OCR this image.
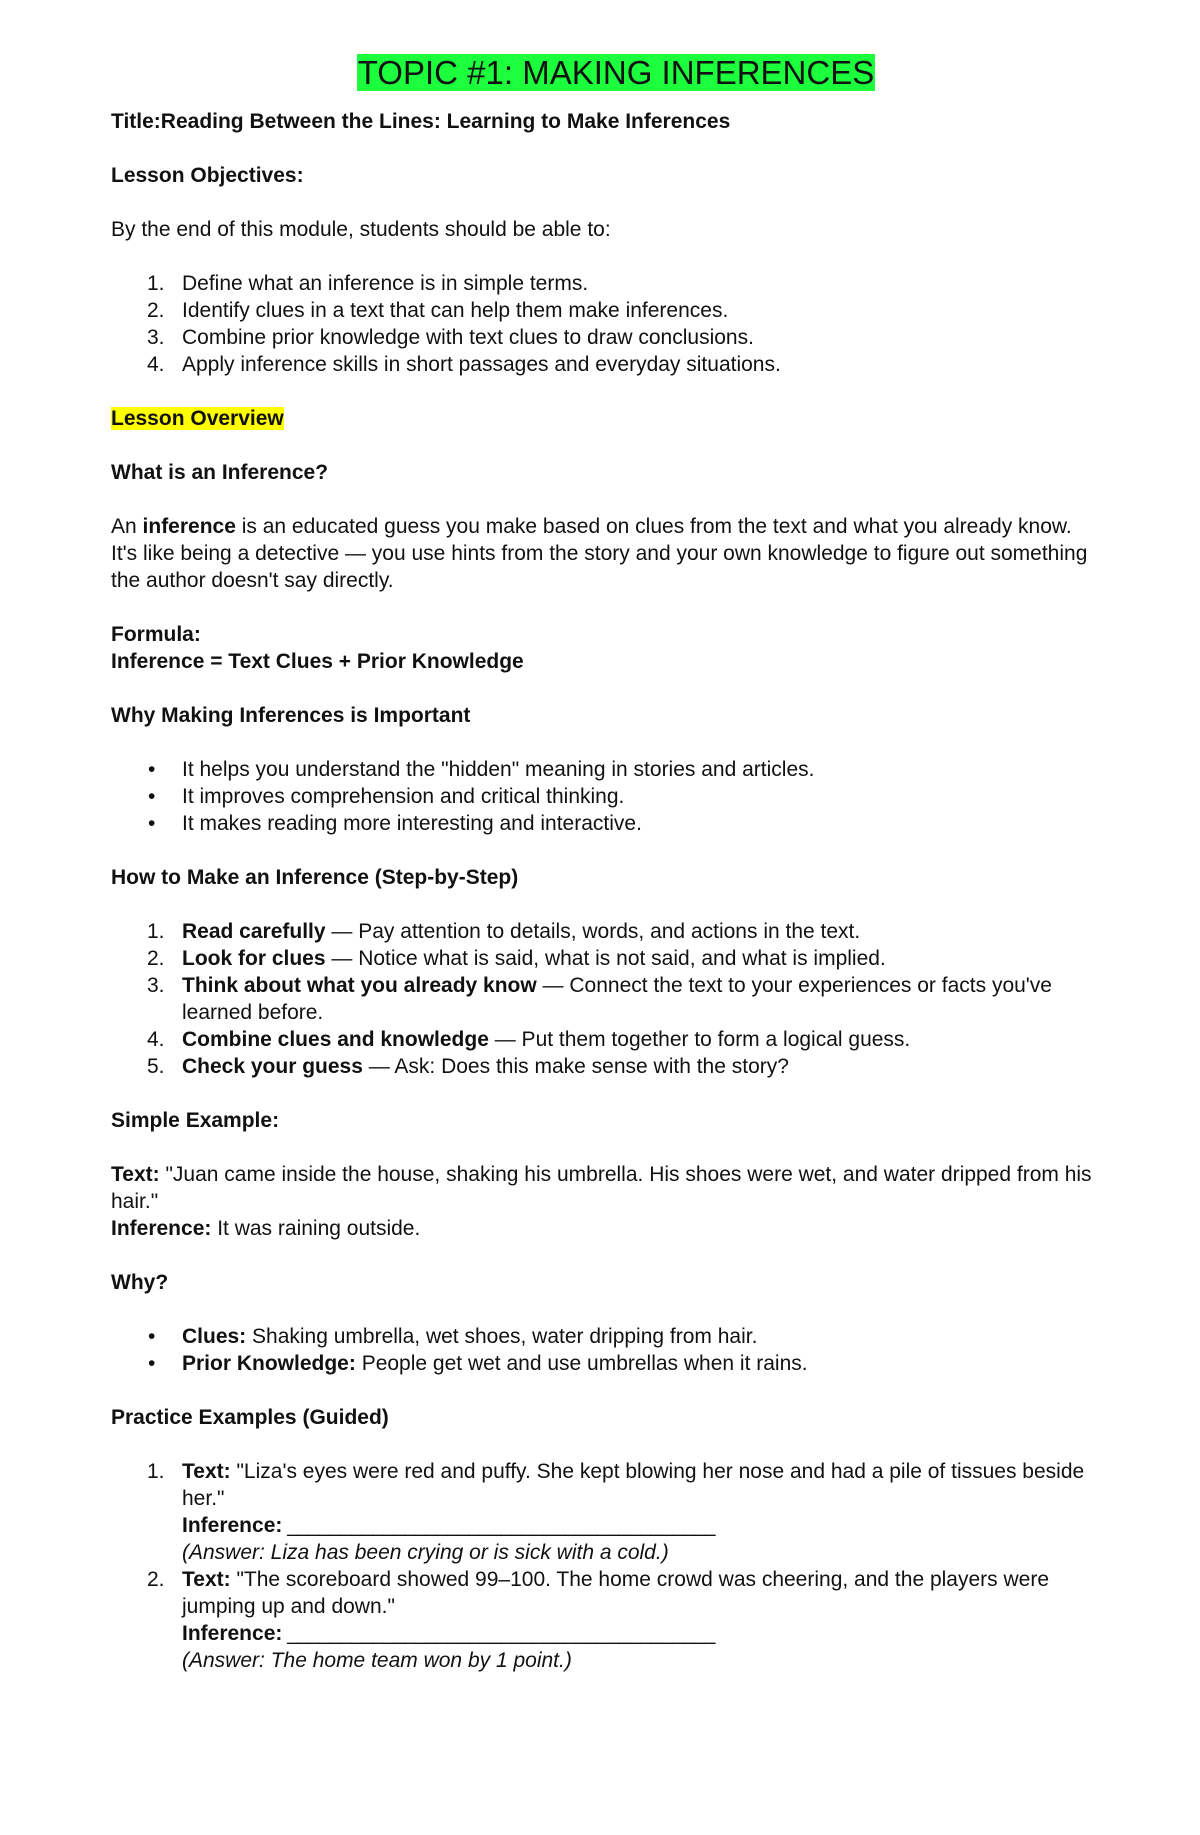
TOPIC #1: MAKING INFERENCES

Title:Reading Between the Lines: Learning to Make Inferences

Lesson Objectives:

By the end of this module, students should be able to:

1. Define what an inference is in simple terms.
2. Identify clues in a text that can help them make inferences.
3. Combine prior knowledge with text clues to draw conclusions.
4. Apply inference skills in short passages and everyday situations.

Lesson Overview

What is an Inference?

An inference is an educated guess you make based on clues from the text and what you already know.

It's like being a detective — you use hints from the story and your own knowledge to figure out something the author doesn't say directly.

Formula:

Inference = Text Clues + Prior Knowledge

Why Making Inferences is Important

• It helps you understand the "hidden" meaning in stories and articles.
• It improves comprehension and critical thinking.
• It makes reading more interesting and interactive.

How to Make an Inference (Step-by-Step)

1. Read carefully — Pay attention to details, words, and actions in the text.
2. Look for clues — Notice what is said, what is not said, and what is implied.
3. Think about what you already know — Connect the text to your experiences or facts you've learned before.
4. Combine clues and knowledge — Put them together to form a logical guess.
5. Check your guess — Ask: Does this make sense with the story?

Simple Example:

Text: "Juan came inside the house, shaking his umbrella. His shoes were wet, and water dripped from his hair."

Inference: It was raining outside.

Why?

• Clues: Shaking umbrella, wet shoes, water dripping from hair.
• Prior Knowledge: People get wet and use umbrellas when it rains.

Practice Examples (Guided)

1. Text: "Liza's eyes were red and puffy. She kept blowing her nose and had a pile of tissues beside her."
Inference: ________________________________________
(Answer: Liza has been crying or is sick with a cold.)
2. Text: "The scoreboard showed 99–100. The home crowd was cheering, and the players were jumping up and down."
Inference: ________________________________________
(Answer: The home team won by 1 point.)
